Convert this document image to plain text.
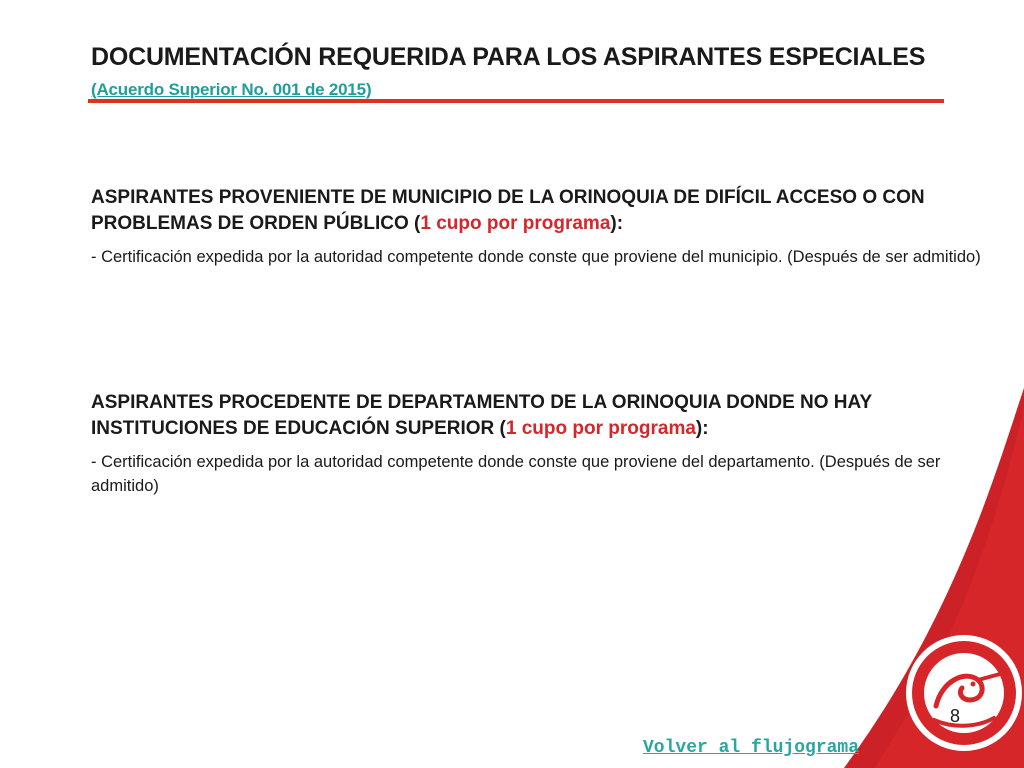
DOCUMENTACIÓN REQUERIDA PARA LOS ASPIRANTES ESPECIALES (Acuerdo Superior No. 001 de 2015)
ASPIRANTES PROVENIENTE DE MUNICIPIO DE LA ORINOQUIA DE DIFÍCIL ACCESO O CON PROBLEMAS DE ORDEN PÚBLICO (1 cupo por programa):

- Certificación expedida por la autoridad competente donde conste que proviene del municipio. (Después de ser admitido)

ASPIRANTES PROCEDENTE DE DEPARTAMENTO DE LA ORINOQUIA DONDE NO HAY INSTITUCIONES DE EDUCACIÓN SUPERIOR (1 cupo por programa):

- Certificación expedida por la autoridad competente donde conste que proviene del departamento. (Después de ser admitido)

8
Volver al flujograma
